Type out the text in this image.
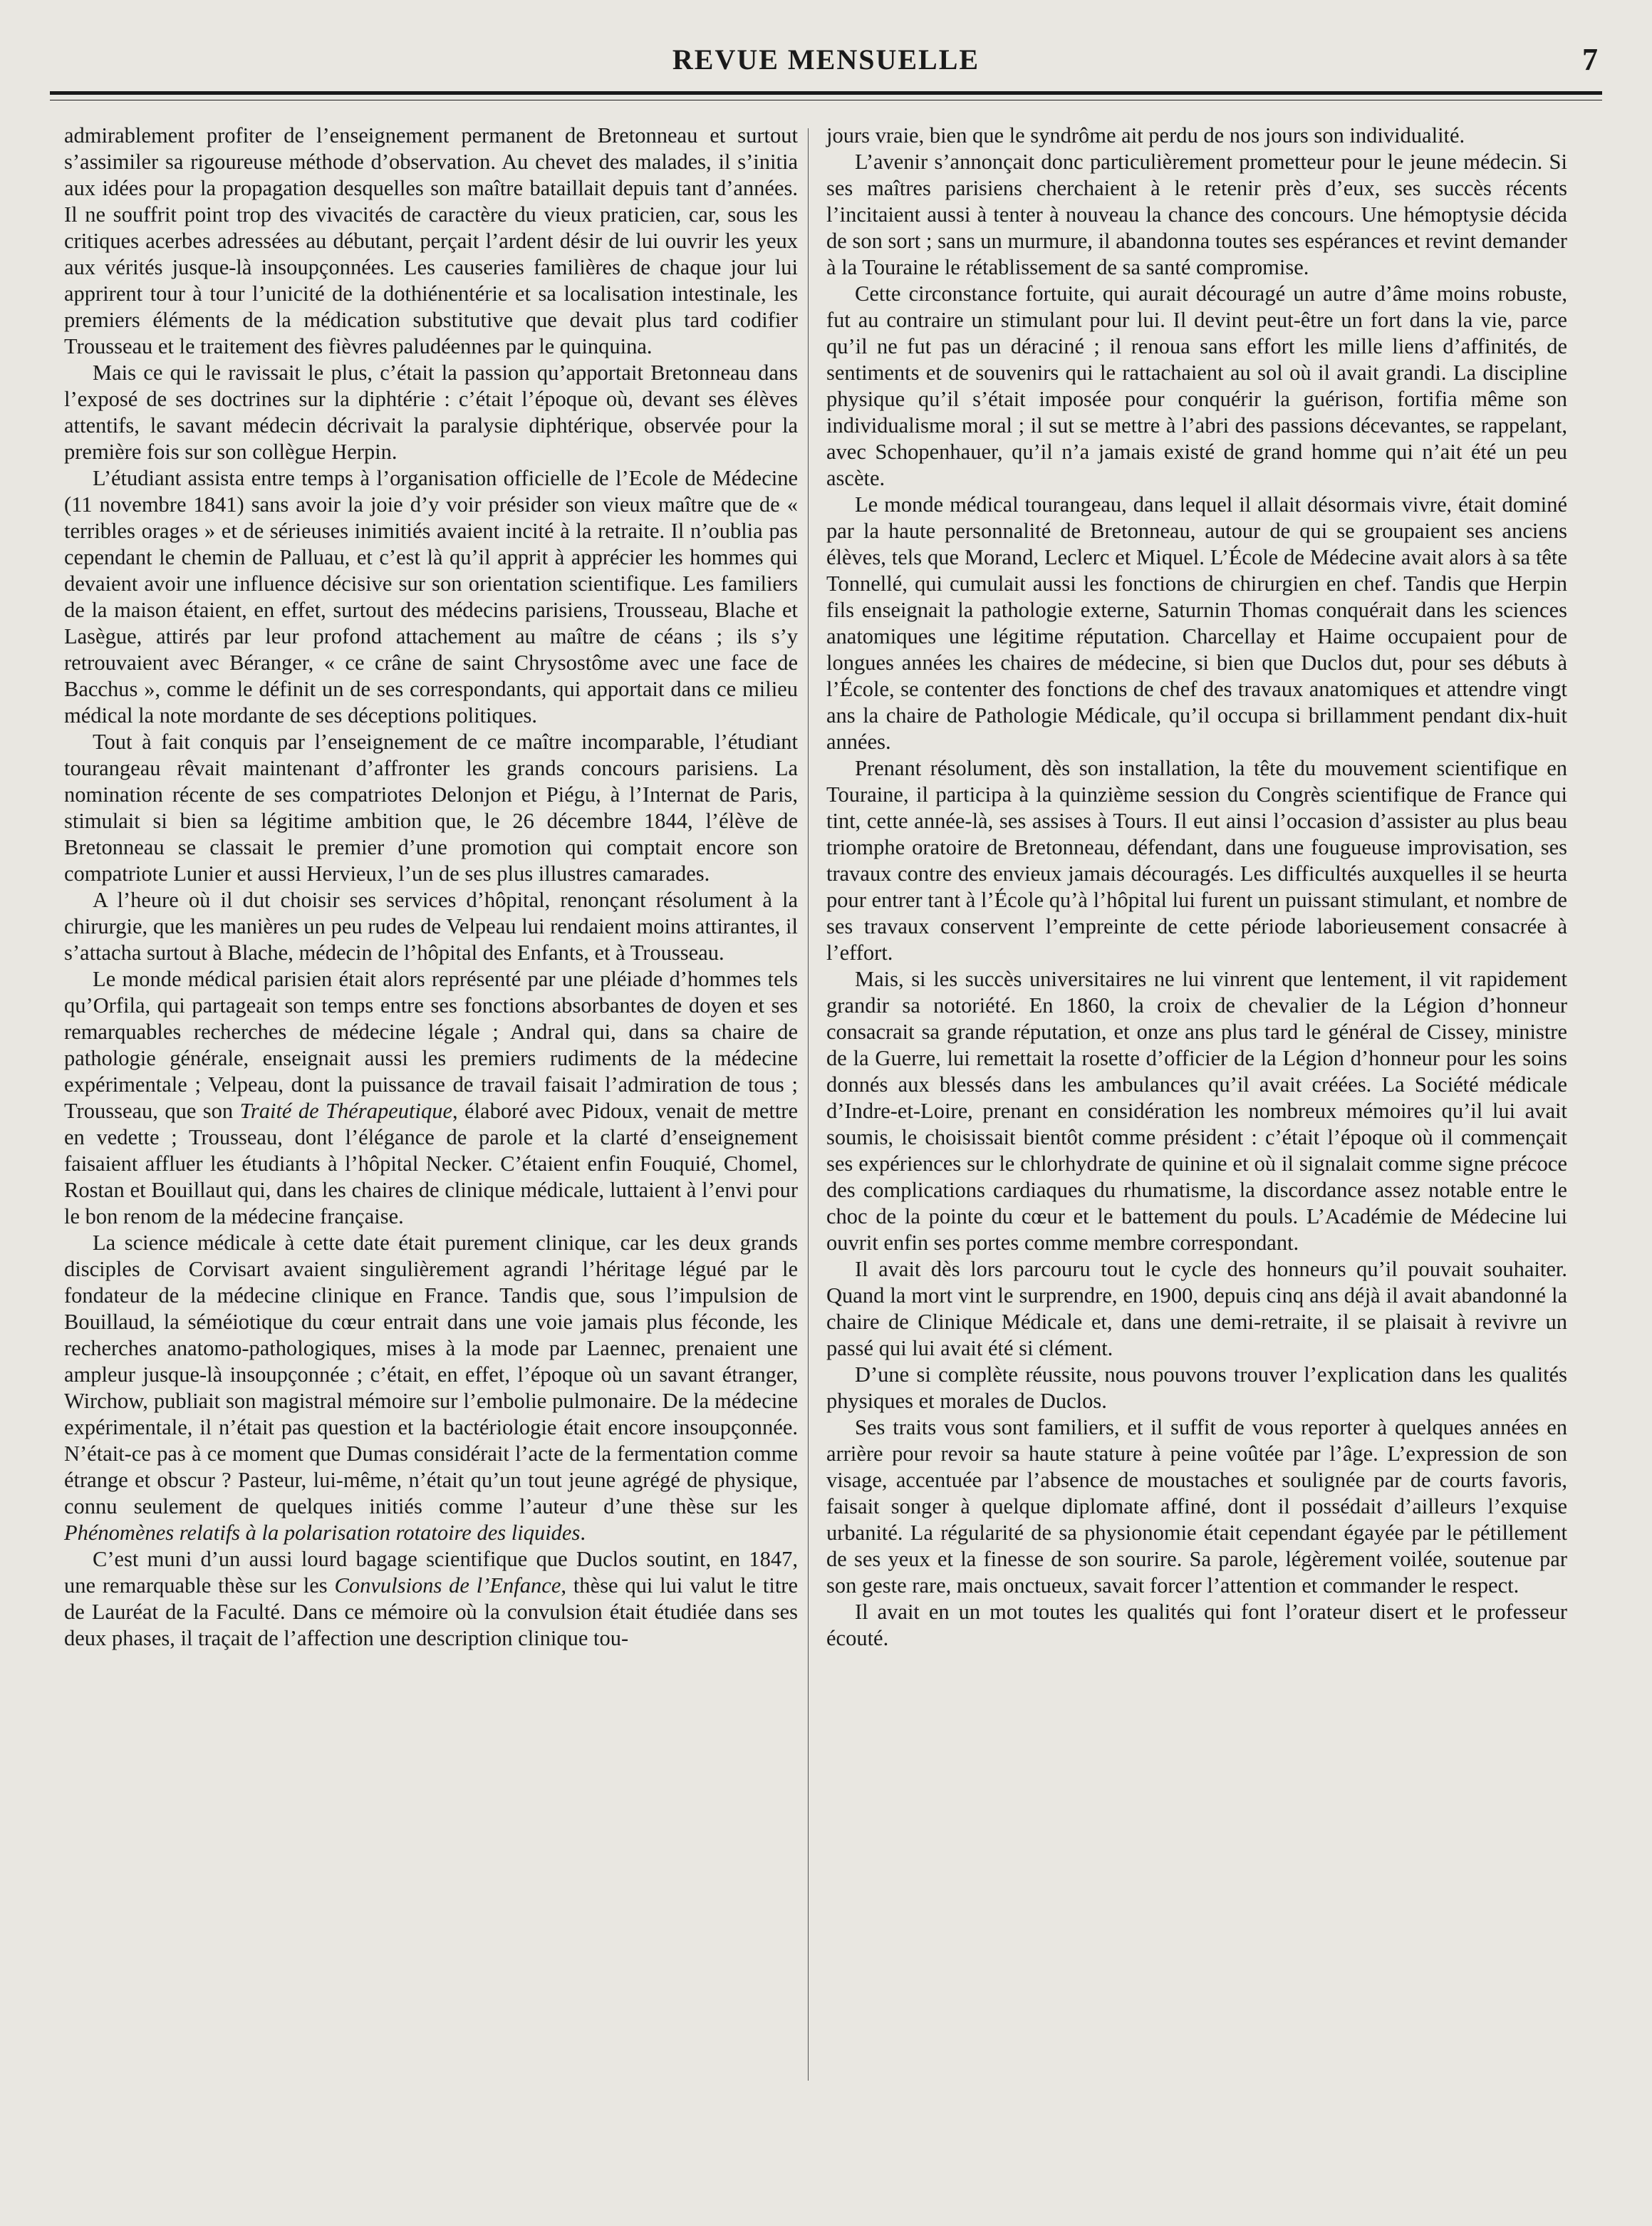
REVUE MENSUELLE	7

admirablement profiter de l’enseignement permanent de Bretonneau et surtout s’assimiler sa rigoureuse méthode d’observation. Au chevet des malades, il s’initia aux idées pour la propagation desquelles son maître bataillait depuis tant d’années. Il ne souffrit point trop des vivacités de caractère du vieux praticien, car, sous les critiques acerbes adressées au débutant, perçait l’ardent désir de lui ouvrir les yeux aux vérités jusque-là insoupçonnées. Les causeries familières de chaque jour lui apprirent tour à tour l’unicité de la dothiénentérie et sa localisation intestinale, les premiers éléments de la médication substitutive que devait plus tard codifier Trousseau et le traitement des fièvres paludéennes par le quinquina.

Mais ce qui le ravissait le plus, c’était la passion qu’apportait Bretonneau dans l’exposé de ses doctrines sur la diphtérie : c’était l’époque où, devant ses élèves attentifs, le savant médecin décrivait la paralysie diphtérique, observée pour la première fois sur son collègue Herpin.

L’étudiant assista entre temps à l’organisation officielle de l’Ecole de Médecine (11 novembre 1841) sans avoir la joie d’y voir présider son vieux maître que de « terribles orages » et de sérieuses inimitiés avaient incité à la retraite. Il n’oublia pas cependant le chemin de Palluau, et c’est là qu’il apprit à apprécier les hommes qui devaient avoir une influence décisive sur son orientation scientifique. Les familiers de la maison étaient, en effet, surtout des médecins parisiens, Trousseau, Blache et Lasègue, attirés par leur profond attachement au maître de céans ; ils s’y retrouvaient avec Béranger, « ce crâne de saint Chrysostôme avec une face de Bacchus », comme le définit un de ses correspondants, qui apportait dans ce milieu médical la note mordante de ses déceptions politiques.

Tout à fait conquis par l’enseignement de ce maître incomparable, l’étudiant tourangeau rêvait maintenant d’affronter les grands concours parisiens. La nomination récente de ses compatriotes Delonjon et Piégu, à l’Internat de Paris, stimulait si bien sa légitime ambition que, le 26 décembre 1844, l’élève de Bretonneau se classait le premier d’une promotion qui comptait encore son compatriote Lunier et aussi Hervieux, l’un de ses plus illustres camarades.

A l’heure où il dut choisir ses services d’hôpital, renonçant résolument à la chirurgie, que les manières un peu rudes de Velpeau lui rendaient moins attirantes, il s’attacha surtout à Blache, médecin de l’hôpital des Enfants, et à Trousseau.

Le monde médical parisien était alors représenté par une pléiade d’hommes tels qu’Orfila, qui partageait son temps entre ses fonctions absorbantes de doyen et ses remarquables recherches de médecine légale ; Andral qui, dans sa chaire de pathologie générale, enseignait aussi les premiers rudiments de la médecine expérimentale ; Velpeau, dont la puissance de travail faisait l’admiration de tous ; Trousseau, que son Traité de Thérapeutique, élaboré avec Pidoux, venait de mettre en vedette ; Trousseau, dont l’élégance de parole et la clarté d’enseignement faisaient affluer les étudiants à l’hôpital Necker. C’étaient enfin Fouquié, Chomel, Rostan et Bouillaut qui, dans les chaires de clinique médicale, luttaient à l’envi pour le bon renom de la médecine française.

La science médicale à cette date était purement clinique, car les deux grands disciples de Corvisart avaient singulièrement agrandi l’héritage légué par le fondateur de la médecine clinique en France. Tandis que, sous l’impulsion de Bouillaud, la séméiotique du cœur entrait dans une voie jamais plus féconde, les recherches anatomo-pathologiques, mises à la mode par Laennec, prenaient une ampleur jusque-là insoupçonnée ; c’était, en effet, l’époque où un savant étranger, Wirchow, publiait son magistral mémoire sur l’embolie pulmonaire. De la médecine expérimentale, il n’était pas question et la bactériologie était encore insoupçonnée. N’était-ce pas à ce moment que Dumas considérait l’acte de la fermentation comme étrange et obscur ? Pasteur, lui-même, n’était qu’un tout jeune agrégé de physique, connu seulement de quelques initiés comme l’auteur d’une thèse sur les Phénomènes relatifs à la polarisation rotatoire des liquides.

C’est muni d’un aussi lourd bagage scientifique que Duclos soutint, en 1847, une remarquable thèse sur les Convulsions de l’Enfance, thèse qui lui valut le titre de Lauréat de la Faculté. Dans ce mémoire où la convulsion était étudiée dans ses deux phases, il traçait de l’affection une description clinique tou-

jours vraie, bien que le syndrôme ait perdu de nos jours son individualité.

L’avenir s’annonçait donc particulièrement prometteur pour le jeune médecin. Si ses maîtres parisiens cherchaient à le retenir près d’eux, ses succès récents l’incitaient aussi à tenter à nouveau la chance des concours. Une hémoptysie décida de son sort ; sans un murmure, il abandonna toutes ses espérances et revint demander à la Touraine le rétablissement de sa santé compromise.

Cette circonstance fortuite, qui aurait découragé un autre d’âme moins robuste, fut au contraire un stimulant pour lui. Il devint peut-être un fort dans la vie, parce qu’il ne fut pas un déraciné ; il renoua sans effort les mille liens d’affinités, de sentiments et de souvenirs qui le rattachaient au sol où il avait grandi. La discipline physique qu’il s’était imposée pour conquérir la guérison, fortifia même son individualisme moral ; il sut se mettre à l’abri des passions décevantes, se rappelant, avec Schopenhauer, qu’il n’a jamais existé de grand homme qui n’ait été un peu ascète.

Le monde médical tourangeau, dans lequel il allait désormais vivre, était dominé par la haute personnalité de Bretonneau, autour de qui se groupaient ses anciens élèves, tels que Morand, Leclerc et Miquel. L’École de Médecine avait alors à sa tête Tonnellé, qui cumulait aussi les fonctions de chirurgien en chef. Tandis que Herpin fils enseignait la pathologie externe, Saturnin Thomas conquérait dans les sciences anatomiques une légitime réputation. Charcellay et Haime occupaient pour de longues années les chaires de médecine, si bien que Duclos dut, pour ses débuts à l’École, se contenter des fonctions de chef des travaux anatomiques et attendre vingt ans la chaire de Pathologie Médicale, qu’il occupa si brillamment pendant dix-huit années.

Prenant résolument, dès son installation, la tête du mouvement scientifique en Touraine, il participa à la quinzième session du Congrès scientifique de France qui tint, cette année-là, ses assises à Tours. Il eut ainsi l’occasion d’assister au plus beau triomphe oratoire de Bretonneau, défendant, dans une fougueuse improvisation, ses travaux contre des envieux jamais découragés. Les difficultés auxquelles il se heurta pour entrer tant à l’École qu’à l’hôpital lui furent un puissant stimulant, et nombre de ses travaux conservent l’empreinte de cette période laborieusement consacrée à l’effort.

Mais, si les succès universitaires ne lui vinrent que lentement, il vit rapidement grandir sa notoriété. En 1860, la croix de chevalier de la Légion d’honneur consacrait sa grande réputation, et onze ans plus tard le général de Cissey, ministre de la Guerre, lui remettait la rosette d’officier de la Légion d’honneur pour les soins donnés aux blessés dans les ambulances qu’il avait créées. La Société médicale d’Indre-et-Loire, prenant en considération les nombreux mémoires qu’il lui avait soumis, le choisissait bientôt comme président : c’était l’époque où il commençait ses expériences sur le chlorhydrate de quinine et où il signalait comme signe précoce des complications cardiaques du rhumatisme, la discordance assez notable entre le choc de la pointe du cœur et le battement du pouls. L’Académie de Médecine lui ouvrit enfin ses portes comme membre correspondant.

Il avait dès lors parcouru tout le cycle des honneurs qu’il pouvait souhaiter. Quand la mort vint le surprendre, en 1900, depuis cinq ans déjà il avait abandonné la chaire de Clinique Médicale et, dans une demi-retraite, il se plaisait à revivre un passé qui lui avait été si clément.

D’une si complète réussite, nous pouvons trouver l’explication dans les qualités physiques et morales de Duclos.

Ses traits vous sont familiers, et il suffit de vous reporter à quelques années en arrière pour revoir sa haute stature à peine voûtée par l’âge. L’expression de son visage, accentuée par l’absence de moustaches et soulignée par de courts favoris, faisait songer à quelque diplomate affiné, dont il possédait d’ailleurs l’exquise urbanité. La régularité de sa physionomie était cependant égayée par le pétillement de ses yeux et la finesse de son sourire. Sa parole, légèrement voilée, soutenue par son geste rare, mais onctueux, savait forcer l’attention et commander le respect.

Il avait en un mot toutes les qualités qui font l’orateur disert et le professeur écouté.
